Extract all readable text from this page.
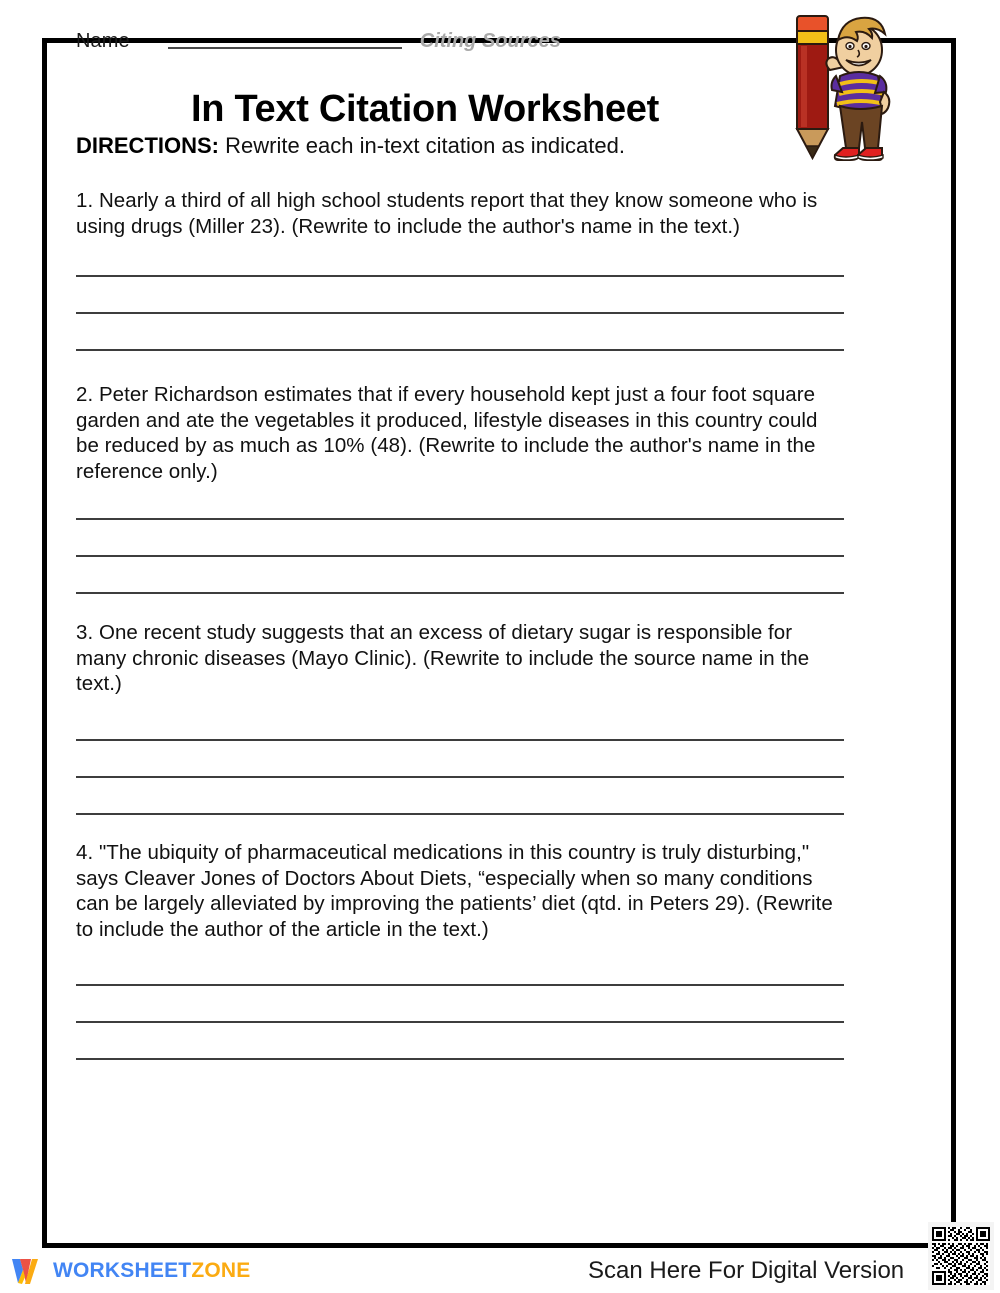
Name	Citing Sources
In Text Citation Worksheet
DIRECTIONS: Rewrite each in-text citation as indicated.
1. Nearly a third of all high school students report that they know someone who is using drugs (Miller 23). (Rewrite to include the author's name in the text.)
2. Peter Richardson estimates that if every household kept just a four foot square garden and ate the vegetables it produced, lifestyle diseases in this country could be reduced by as much as 10% (48). (Rewrite to include the author's name in the reference only.)
3. One recent study suggests that an excess of dietary sugar is responsible for many chronic diseases (Mayo Clinic). (Rewrite to include the source name in the text.)
4. "The ubiquity of pharmaceutical medications in this country is truly disturbing," says Cleaver Jones of Doctors About Diets, “especially when so many conditions can be largely alleviated by improving the patients’ diet (qtd. in Peters 29). (Rewrite to include the author of the article in the text.)
WORKSHEETZONE	Scan Here For Digital Version
